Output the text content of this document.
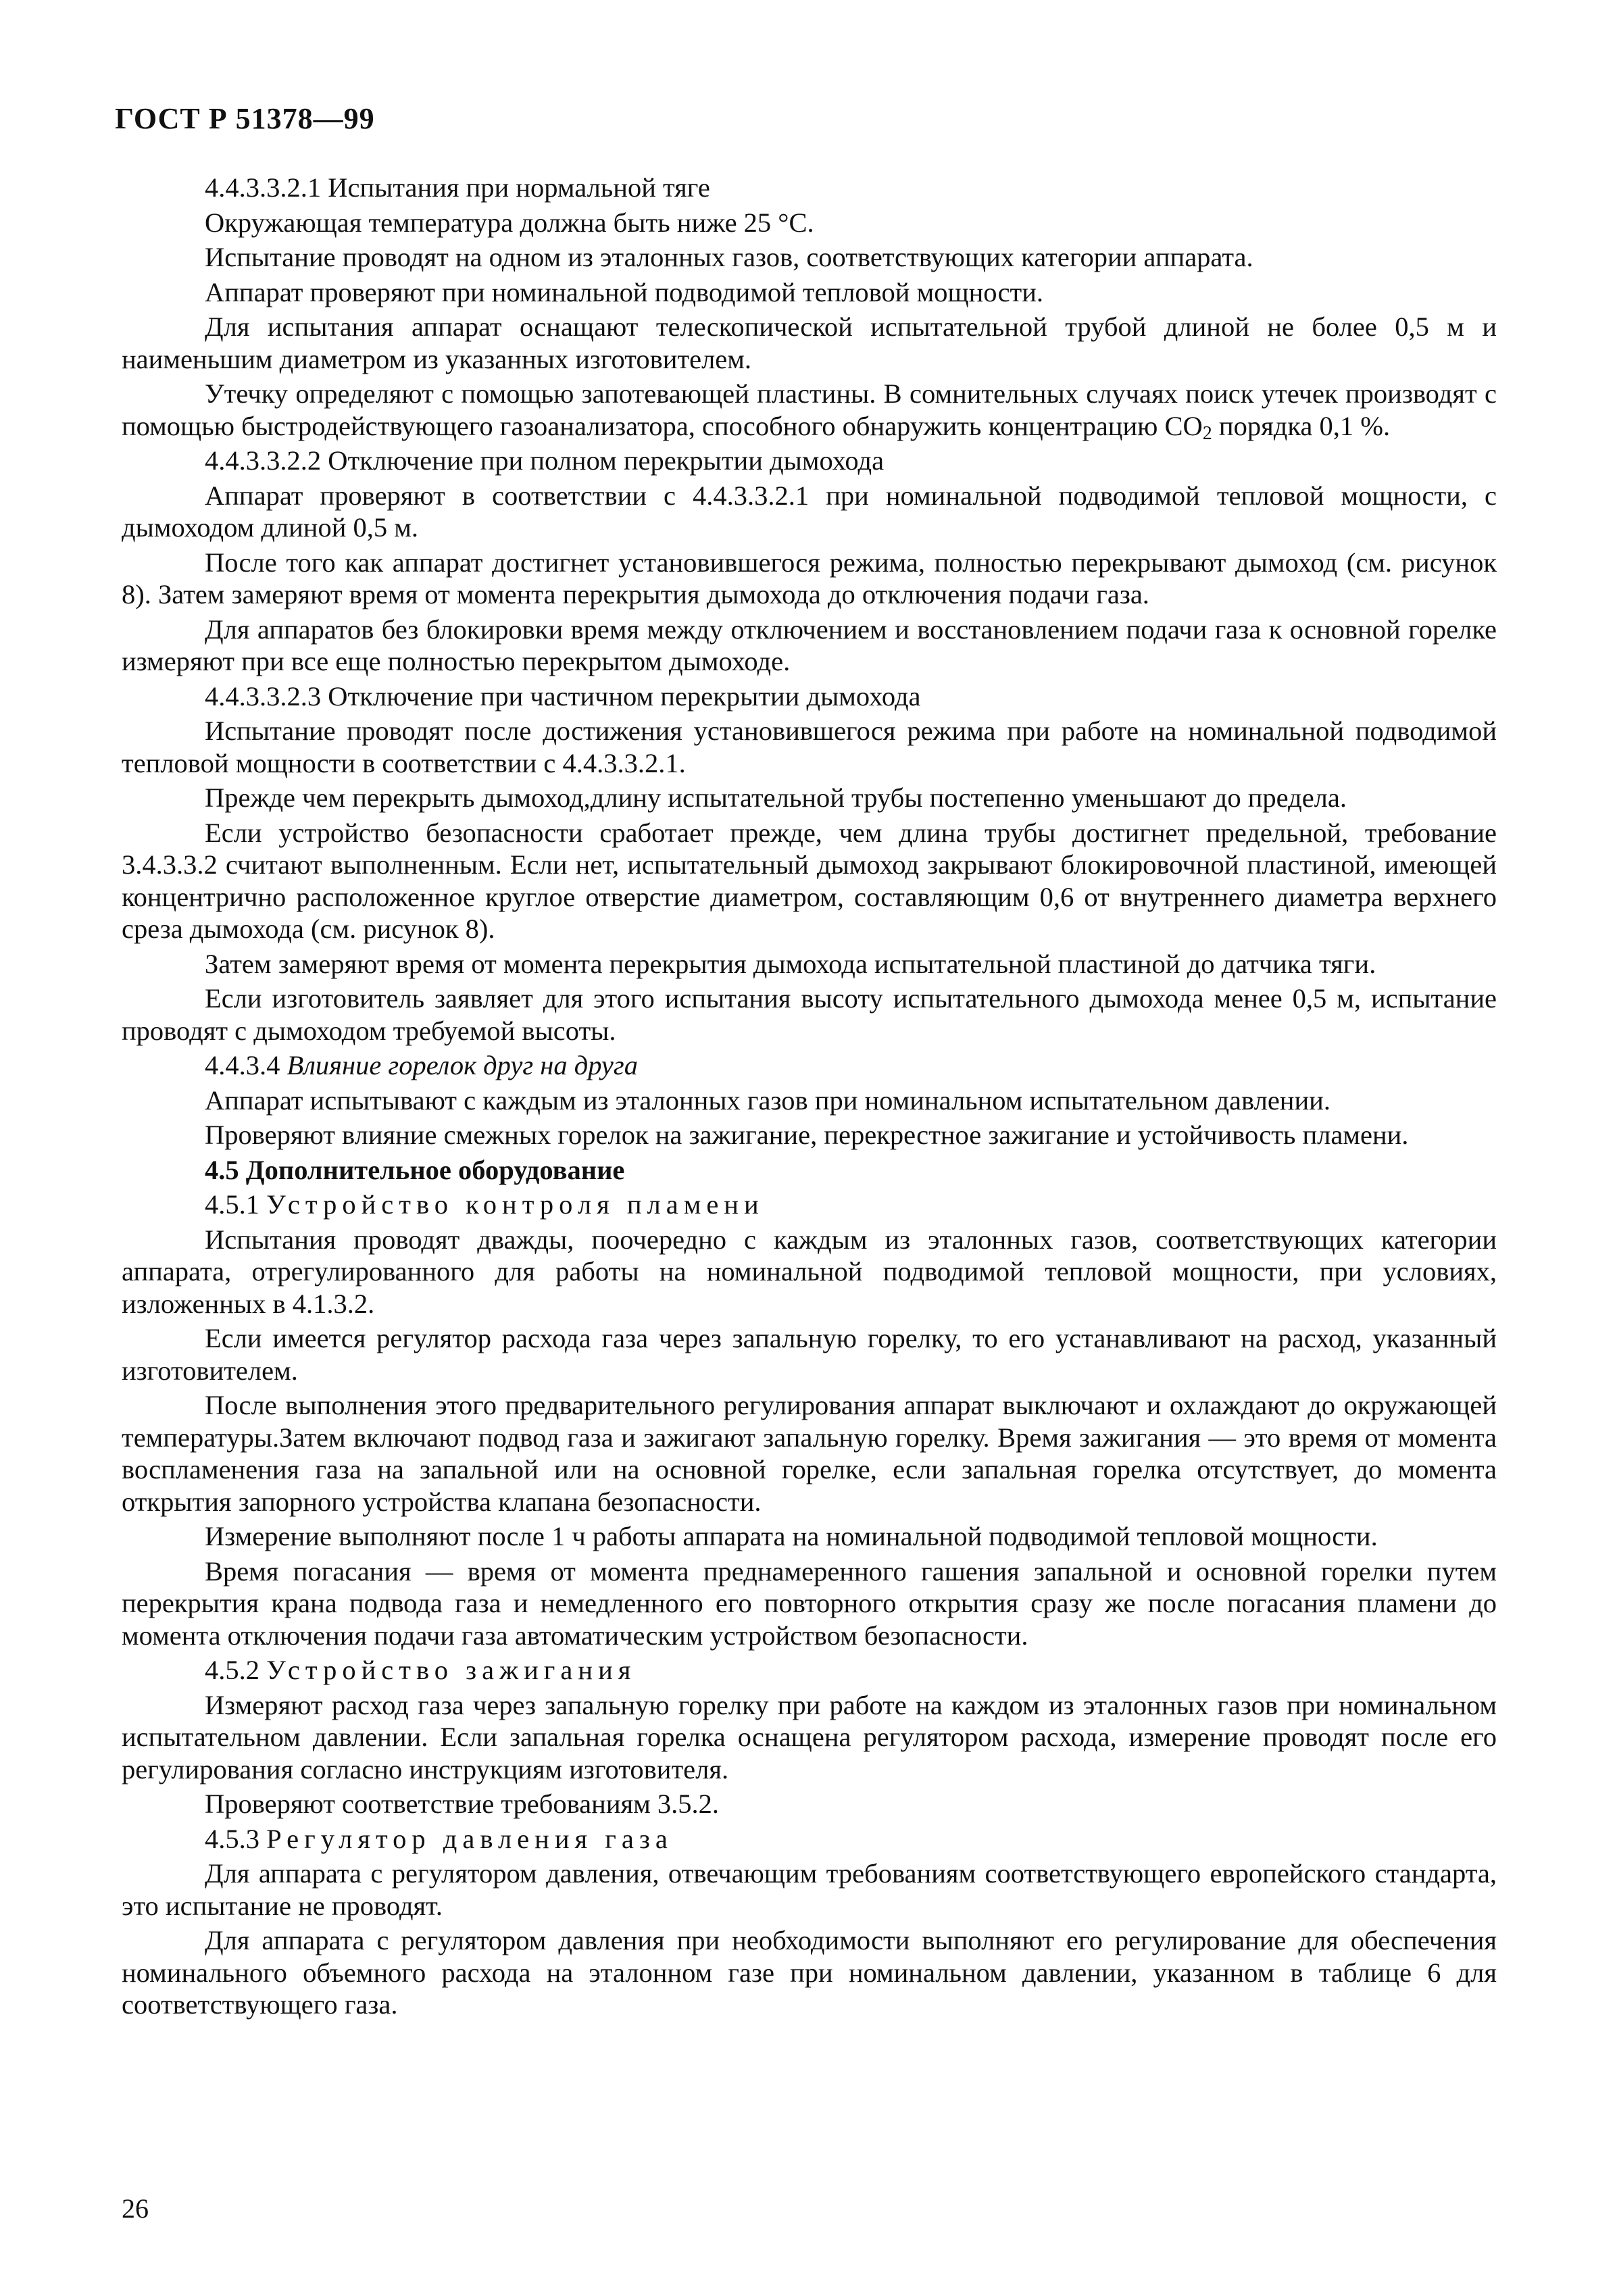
ГОСТ Р 51378—99

4.4.3.3.2.1 Испытания при нормальной тяге

Окружающая температура должна быть ниже 25 °С.

Испытание проводят на одном из эталонных газов, соответствующих категории аппарата.

Аппарат проверяют при номинальной подводимой тепловой мощности.

Для испытания аппарат оснащают телескопической испытательной трубой длиной не более 0,5 м и наименьшим диаметром из указанных изготовителем.

Утечку определяют с помощью запотевающей пластины. В сомнительных случаях поиск утечек производят с помощью быстродействующего газоанализатора, способного обнаружить концентрацию $СО_2$ порядка 0,1 %.

4.4.3.3.2.2 Отключение при полном перекрытии дымохода

Аппарат проверяют в соответствии с 4.4.3.3.2.1 при номинальной подводимой тепловой мощности, с дымоходом длиной 0,5 м.

После того как аппарат достигнет установившегося режима, полностью перекрывают дымоход (см. рисунок 8). Затем замеряют время от момента перекрытия дымохода до отключения подачи газа.

Для аппаратов без блокировки время между отключением и восстановлением подачи газа к основной горелке измеряют при все еще полностью перекрытом дымоходе.

4.4.3.3.2.3 Отключение при частичном перекрытии дымохода

Испытание проводят после достижения установившегося режима при работе на номинальной подводимой тепловой мощности в соответствии с 4.4.3.3.2.1.

Прежде чем перекрыть дымоход,длину испытательной трубы постепенно уменьшают до предела.

Если устройство безопасности сработает прежде, чем длина трубы достигнет предельной, требование 3.4.3.3.2 считают выполненным. Если нет, испытательный дымоход закрывают блокировочной пластиной, имеющей концентрично расположенное круглое отверстие диаметром, составляющим 0,6 от внутреннего диаметра верхнего среза дымохода (см. рисунок 8).

Затем замеряют время от момента перекрытия дымохода испытательной пластиной до датчика тяги.

Если изготовитель заявляет для этого испытания высоту испытательного дымохода менее 0,5 м, испытание проводят с дымоходом требуемой высоты.

4.4.3.4 Влияние горелок друг на друга

Аппарат испытывают с каждым из эталонных газов при номинальном испытательном давлении.

Проверяют влияние смежных горелок на зажигание, перекрестное зажигание и устойчивость пламени.

4.5 Дополнительное оборудование

4.5.1 Устройство контроля пламени

Испытания проводят дважды, поочередно с каждым из эталонных газов, соответствующих категории аппарата, отрегулированного для работы на номинальной подводимой тепловой мощности, при условиях, изложенных в 4.1.3.2.

Если имеется регулятор расхода газа через запальную горелку, то его устанавливают на расход, указанный изготовителем.

После выполнения этого предварительного регулирования аппарат выключают и охлаждают до окружающей температуры.Затем включают подвод газа и зажигают запальную горелку. Время зажигания — это время от момента воспламенения газа на запальной или на основной горелке, если запальная горелка отсутствует, до момента открытия запорного устройства клапана безопасности.

Измерение выполняют после 1 ч работы аппарата на номинальной подводимой тепловой мощности.

Время погасания — время от момента преднамеренного гашения запальной и основной горелки путем перекрытия крана подвода газа и немедленного его повторного открытия сразу же после погасания пламени до момента отключения подачи газа автоматическим устройством безопасности.

4.5.2 Устройство зажигания

Измеряют расход газа через запальную горелку при работе на каждом из эталонных газов при номинальном испытательном давлении. Если запальная горелка оснащена регулятором расхода, измерение проводят после его регулирования согласно инструкциям изготовителя.

Проверяют соответствие требованиям 3.5.2.

4.5.3 Регулятор давления газа

Для аппарата с регулятором давления, отвечающим требованиям соответствующего европейского стандарта, это испытание не проводят.

Для аппарата с регулятором давления при необходимости выполняют его регулирование для обеспечения номинального объемного расхода на эталонном газе при номинальном давлении, указанном в таблице 6 для соответствующего газа.

26
